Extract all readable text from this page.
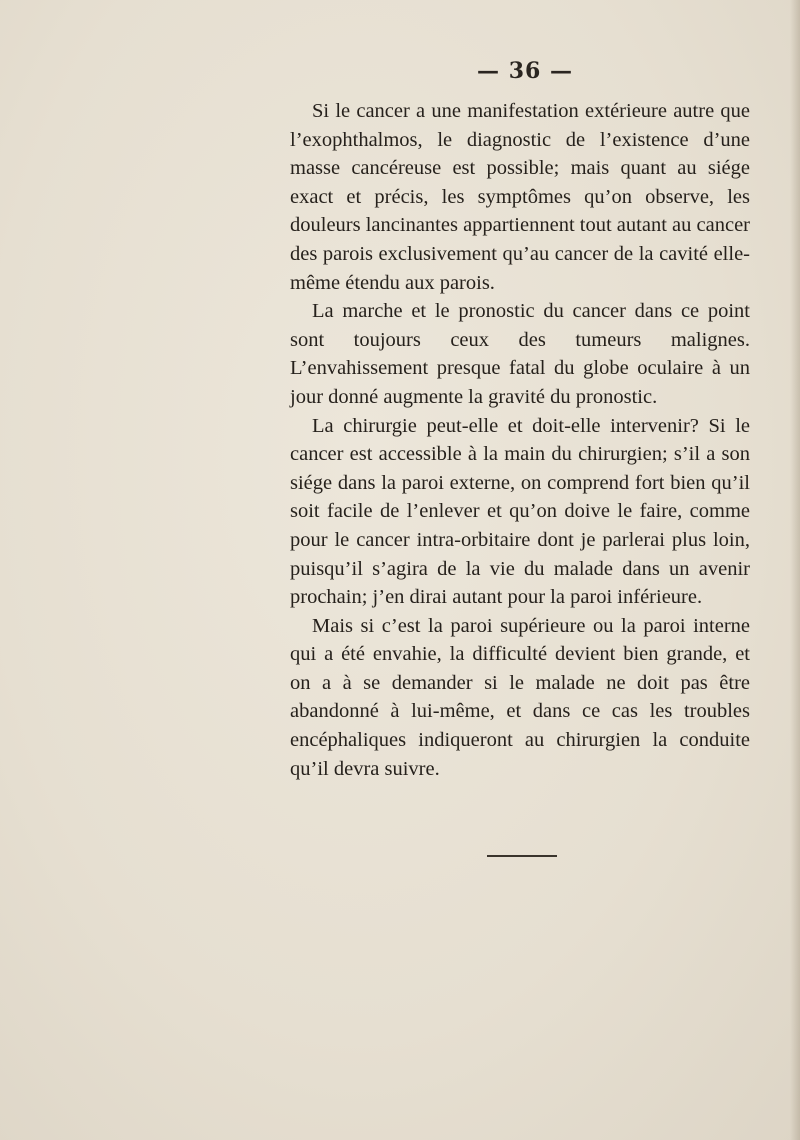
— 36 —

Si le cancer a une manifestation extérieure autre que l’exophthalmos, le diagnostic de l’existence d’une masse cancéreuse est possible; mais quant au siége exact et précis, les symptômes qu’on observe, les douleurs lancinantes appartiennent tout autant au cancer des parois exclusivement qu’au cancer de la cavité elle-même étendu aux parois.

La marche et le pronostic du cancer dans ce point sont toujours ceux des tumeurs malignes. L’envahissement presque fatal du globe oculaire à un jour donné augmente la gravité du pronostic.

La chirurgie peut-elle et doit-elle intervenir? Si le cancer est accessible à la main du chirurgien; s’il a son siége dans la paroi externe, on comprend fort bien qu’il soit facile de l’enlever et qu’on doive le faire, comme pour le cancer intra-orbitaire dont je parlerai plus loin, puisqu’il s’agira de la vie du malade dans un avenir prochain; j’en dirai autant pour la paroi inférieure.

Mais si c’est la paroi supérieure ou la paroi interne qui a été envahie, la difficulté devient bien grande, et on a à se demander si le malade ne doit pas être abandonné à lui-même, et dans ce cas les troubles encéphaliques indiqueront au chirurgien la conduite qu’il devra suivre.
